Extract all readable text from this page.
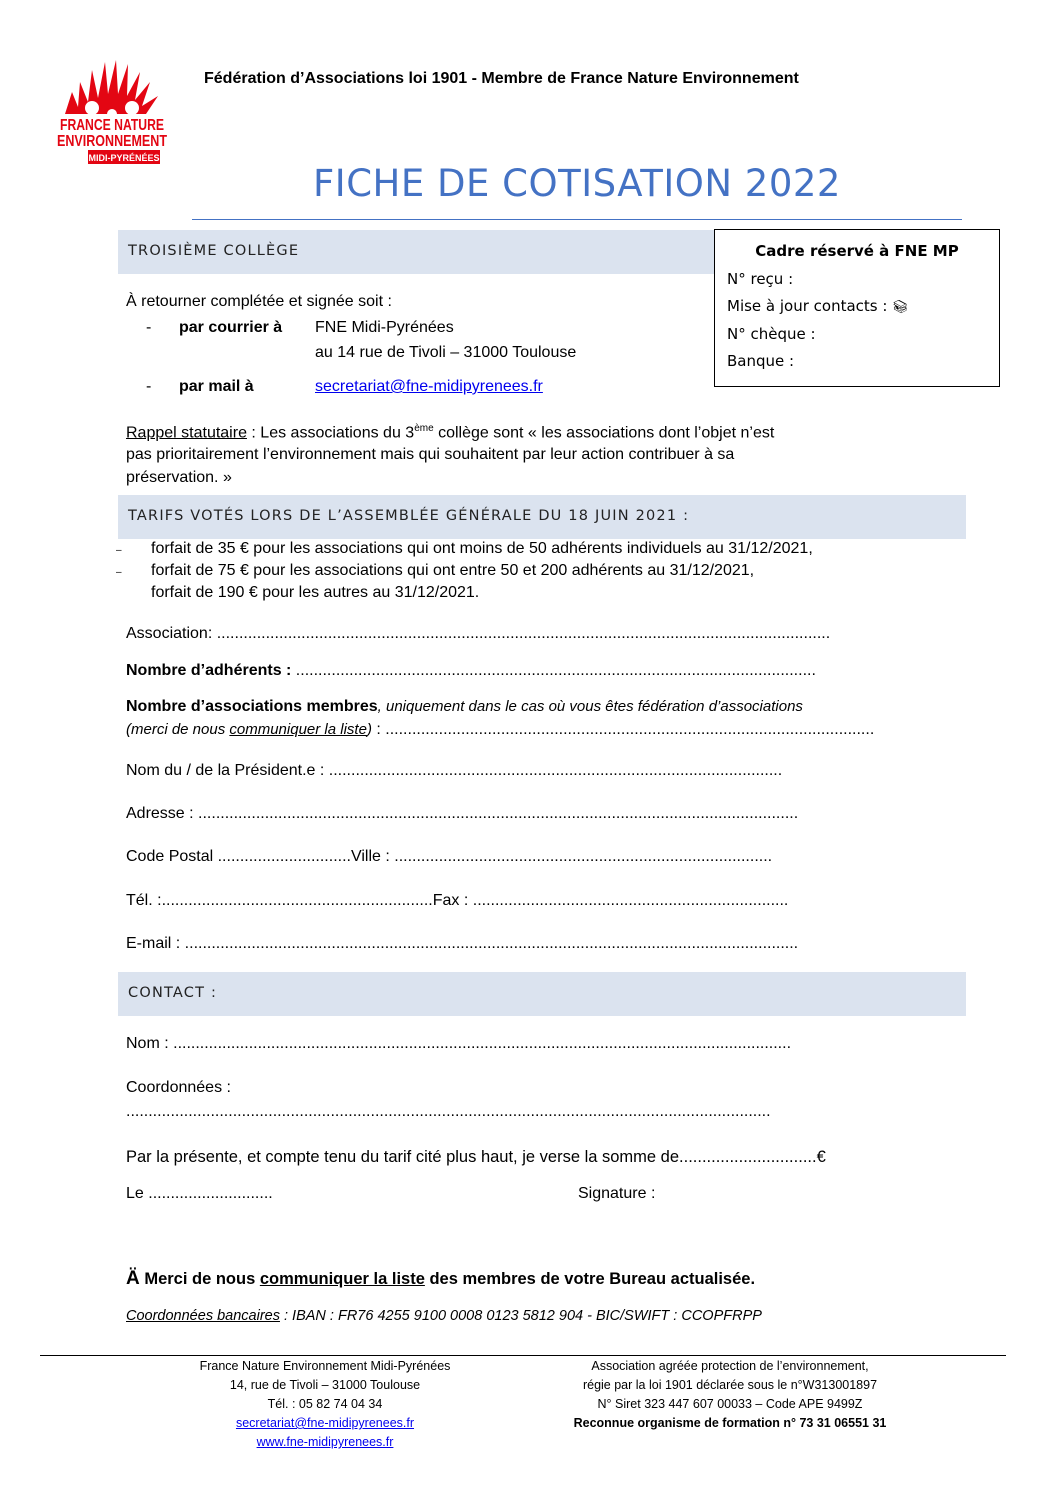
FRANCE NATURE
ENVIRONNEMENT
MIDI-PYRÉNÉES
Fédération d’Associations loi 1901 - Membre de France Nature Environnement
FICHE DE COTISATION 2022
TROISIÈME COLLÈGE	Cadre réservé à FNE MP
N° reçu :
Mise à jour contacts : 📚︎
N° chèque :
Banque :
À retourner complétée et signée soit :
- par courrier à FNE Midi-Pyrénées
au 14 rue de Tivoli – 31000 Toulouse
- par mail à	secretariat@fne-midipyrenees.fr
Rappel statutaire : Les associations du 3ème collège sont « les associations dont l’objet n’est
pas prioritairement l’environnement mais qui souhaitent par leur action contribuer à sa
préservation. »
TARIFS VOTÉS LORS DE L’ASSEMBLÉE GÉNÉRALE DU 18 JUIN 2021 :
–
–
forfait de 35 € pour les associations qui ont moins de 50 adhérents individuels au 31/12/2021,
forfait de 75 € pour les associations qui ont entre 50 et 200 adhérents au 31/12/2021,
forfait de 190 € pour les autres au 31/12/2021.
Association: ..........................................................................................................................................
Nombre d’adhérents : .....................................................................................................................
Nombre d’associations membres, uniquement dans le cas où vous êtes fédération d’associations
(merci de nous communiquer la liste) : ..............................................................................................................
Nom du / de la Président.e : ......................................................................................................
Adresse : .......................................................................................................................................
Code Postal ..............................Ville : .....................................................................................
Tél. :.............................................................Fax : .......................................................................
E-mail : ..........................................................................................................................................
CONTACT :
Nom : ...........................................................................................................................................
Coordonnées :
.................................................................................................................................................
Par la présente, et compte tenu du tarif cité plus haut, je verse la somme de..............................€
Le ............................	Signature :
Ä Merci de nous communiquer la liste des membres de votre Bureau actualisée.
Coordonnées bancaires : IBAN : FR76 4255 9100 0008 0123 5812 904 - BIC/SWIFT : CCOPFRPP
France Nature Environnement Midi-Pyrénées
14, rue de Tivoli – 31000 Toulouse
Tél. : 05 82 74 04 34
secretariat@fne-midipyrenees.fr
www.fne-midipyrenees.fr
Association agréée protection de l’environnement,
régie par la loi 1901 déclarée sous le n°W313001897
N° Siret 323 447 607 00033 – Code APE 9499Z
Reconnue organisme de formation n° 73 31 06551 31
